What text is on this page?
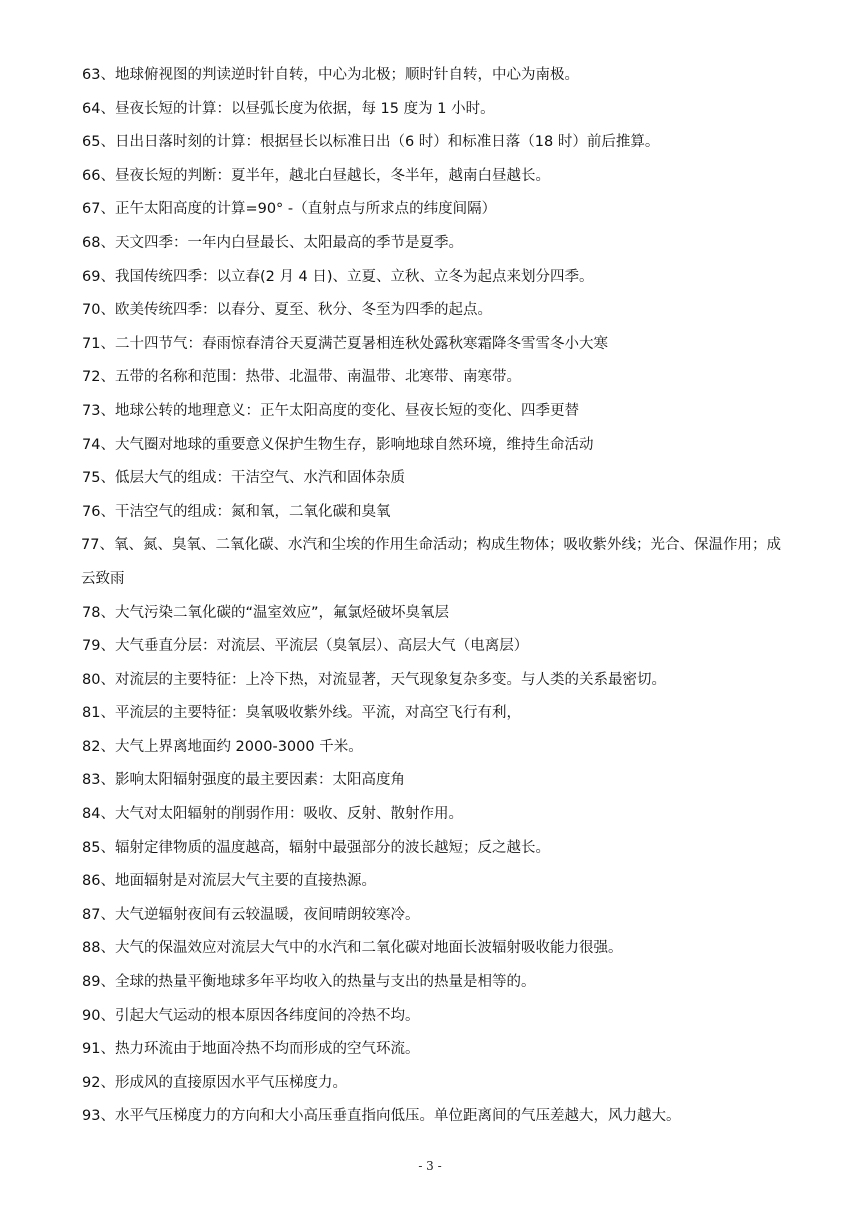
63、地球俯视图的判读逆时针自转，中心为北极；顺时针自转，中心为南极。
64、昼夜长短的计算：以昼弧长度为依据，每 15 度为 1 小时。
65、日出日落时刻的计算：根据昼长以标准日出（6 时）和标准日落（18 时）前后推算。
66、昼夜长短的判断：夏半年，越北白昼越长，冬半年，越南白昼越长。
67、正午太阳高度的计算=90° -（直射点与所求点的纬度间隔）
68、天文四季：一年内白昼最长、太阳最高的季节是夏季。
69、我国传统四季：以立春(2 月 4 日)、立夏、立秋、立冬为起点来划分四季。
70、欧美传统四季：以春分、夏至、秋分、冬至为四季的起点。
71、二十四节气：春雨惊春清谷天夏满芒夏暑相连秋处露秋寒霜降冬雪雪冬小大寒
72、五带的名称和范围：热带、北温带、南温带、北寒带、南寒带。
73、地球公转的地理意义：正午太阳高度的变化、昼夜长短的变化、四季更替
74、大气圈对地球的重要意义保护生物生存，影响地球自然环境，维持生命活动
75、低层大气的组成：干洁空气、水汽和固体杂质
76、干洁空气的组成：氮和氧，二氧化碳和臭氧
77、氧、氮、臭氧、二氧化碳、水汽和尘埃的作用生命活动；构成生物体；吸收紫外线；光合、保温作用；成云致雨
78、大气污染二氧化碳的“温室效应”，氟氯烃破坏臭氧层
79、大气垂直分层：对流层、平流层（臭氧层）、高层大气（电离层）
80、对流层的主要特征：上冷下热，对流显著，天气现象复杂多变。与人类的关系最密切。
81、平流层的主要特征：臭氧吸收紫外线。平流，对高空飞行有利，
82、大气上界离地面约 2000-3000 千米。
83、影响太阳辐射强度的最主要因素：太阳高度角
84、大气对太阳辐射的削弱作用：吸收、反射、散射作用。
85、辐射定律物质的温度越高，辐射中最强部分的波长越短；反之越长。
86、地面辐射是对流层大气主要的直接热源。
87、大气逆辐射夜间有云较温暖，夜间晴朗较寒冷。
88、大气的保温效应对流层大气中的水汽和二氧化碳对地面长波辐射吸收能力很强。
89、全球的热量平衡地球多年平均收入的热量与支出的热量是相等的。
90、引起大气运动的根本原因各纬度间的冷热不均。
91、热力环流由于地面冷热不均而形成的空气环流。
92、形成风的直接原因水平气压梯度力。
93、水平气压梯度力的方向和大小高压垂直指向低压。单位距离间的气压差越大，风力越大。
- 3 -
